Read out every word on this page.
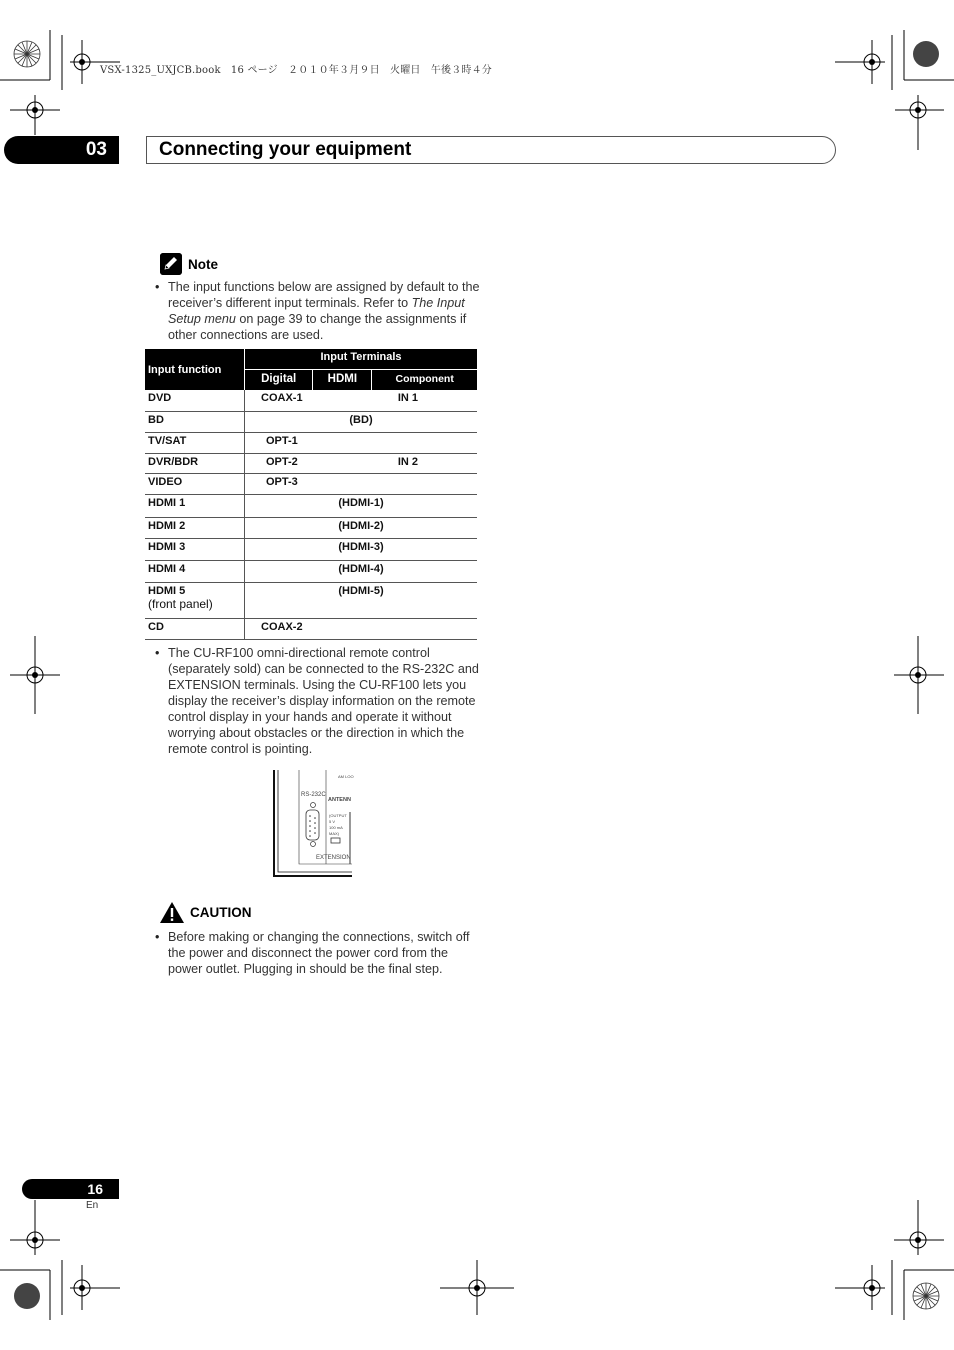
VSX-1325_UXJCB.book　16 ページ　２０１０年３月９日　火曜日　午後３時４分
03	Connecting your equipment
Note
• The input functions below are assigned by default to the receiver’s different input terminals. Refer to The Input Setup menu on page 39 to change the assignments if other connections are used.
Input function	Input Terminals		
	Digital	HDMI	Component

DVD	COAX-1		IN 1

BD	(BD)		

TV/SAT	OPT-1		

DVR/BDR	OPT-2		IN 2

VIDEO	OPT-3		

HDMI 1	(HDMI-1)		

HDMI 2	(HDMI-2)		

HDMI 3	(HDMI-3)		

HDMI 4	(HDMI-4)		

HDMI 5
(front panel)	(HDMI-5)		

CD	COAX-2		
• The CU-RF100 omni-directional remote control (separately sold) can be connected to the RS-232C and EXTENSION terminals. Using the CU-RF100 lets you display the receiver’s display information on the remote control display in your hands and operate it without worrying about obstacles or the direction in which the remote control is pointing.
RS-232C
AM LOO
ANTENN
(OUTPUT
5 V
100 mA
MAX)
EXTENSION
CAUTION
• Before making or changing the connections, switch off the power and disconnect the power cord from the power outlet. Plugging in should be the final step.
16
En
